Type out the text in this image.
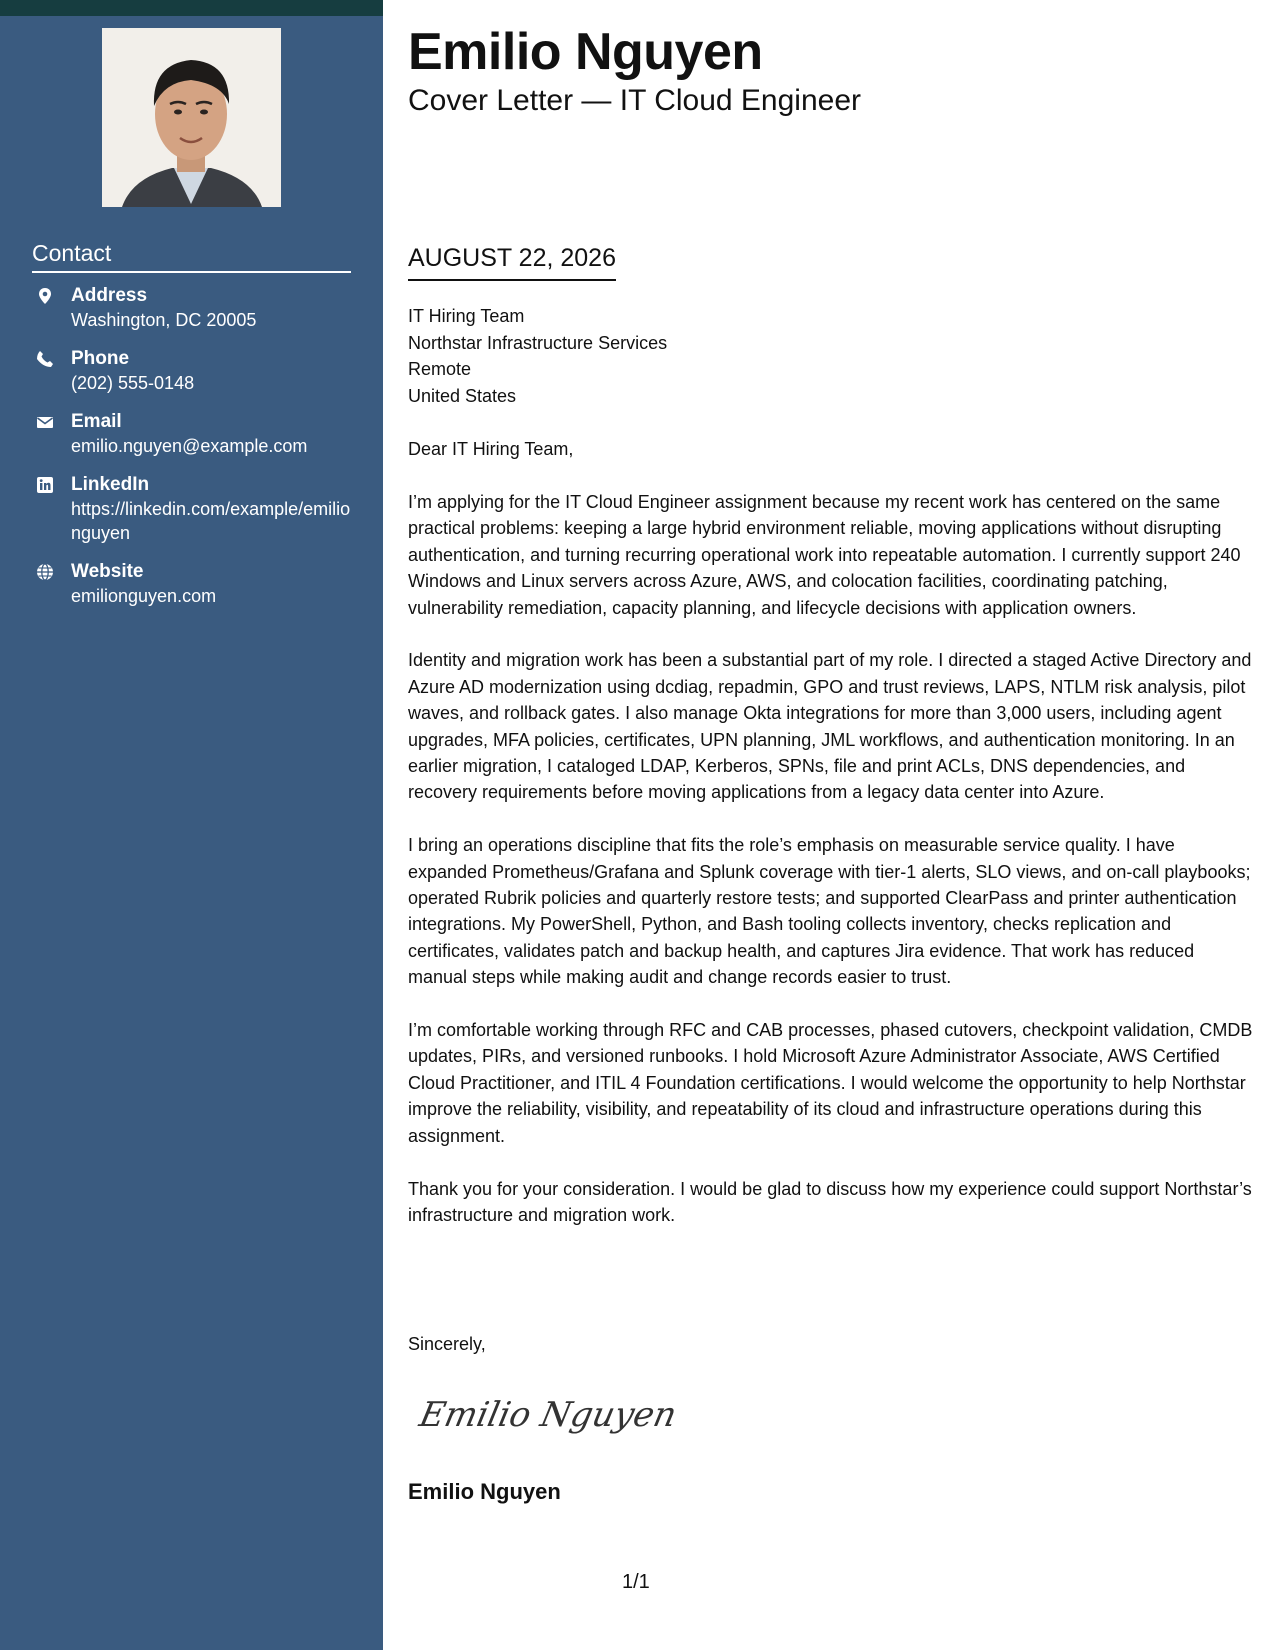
Contact
Address
Washington, DC 20005
Phone
(202) 555-0148
Email
emilio.nguyen@example.com
LinkedIn
https://linkedin.com/example/emilionguyen
Website
emilionguyen.com
Emilio Nguyen
Cover Letter — IT Cloud Engineer
AUGUST 22, 2026
IT Hiring Team
Northstar Infrastructure Services
Remote
United States
Dear IT Hiring Team,

I’m applying for the IT Cloud Engineer assignment because my recent work has centered on the same practical problems: keeping a large hybrid environment reliable, moving applications without disrupting authentication, and turning recurring operational work into repeatable automation. I currently support 240 Windows and Linux servers across Azure, AWS, and colocation facilities, coordinating patching, vulnerability remediation, capacity planning, and lifecycle decisions with application owners.

Identity and migration work has been a substantial part of my role. I directed a staged Active Directory and Azure AD modernization using dcdiag, repadmin, GPO and trust reviews, LAPS, NTLM risk analysis, pilot waves, and rollback gates. I also manage Okta integrations for more than 3,000 users, including agent upgrades, MFA policies, certificates, UPN planning, JML workflows, and authentication monitoring. In an earlier migration, I cataloged LDAP, Kerberos, SPNs, file and print ACLs, DNS dependencies, and recovery requirements before moving applications from a legacy data center into Azure.

I bring an operations discipline that fits the role’s emphasis on measurable service quality. I have expanded Prometheus/Grafana and Splunk coverage with tier-1 alerts, SLO views, and on-call playbooks; operated Rubrik policies and quarterly restore tests; and supported ClearPass and printer authentication integrations. My PowerShell, Python, and Bash tooling collects inventory, checks replication and certificates, validates patch and backup health, and captures Jira evidence. That work has reduced manual steps while making audit and change records easier to trust.

I’m comfortable working through RFC and CAB processes, phased cutovers, checkpoint validation, CMDB updates, PIRs, and versioned runbooks. I hold Microsoft Azure Administrator Associate, AWS Certified Cloud Practitioner, and ITIL 4 Foundation certifications. I would welcome the opportunity to help Northstar improve the reliability, visibility, and repeatability of its cloud and infrastructure operations during this assignment.

Thank you for your consideration. I would be glad to discuss how my experience could support Northstar’s infrastructure and migration work.

Sincerely,
Emilio Nguyen
Emilio Nguyen
1/1
